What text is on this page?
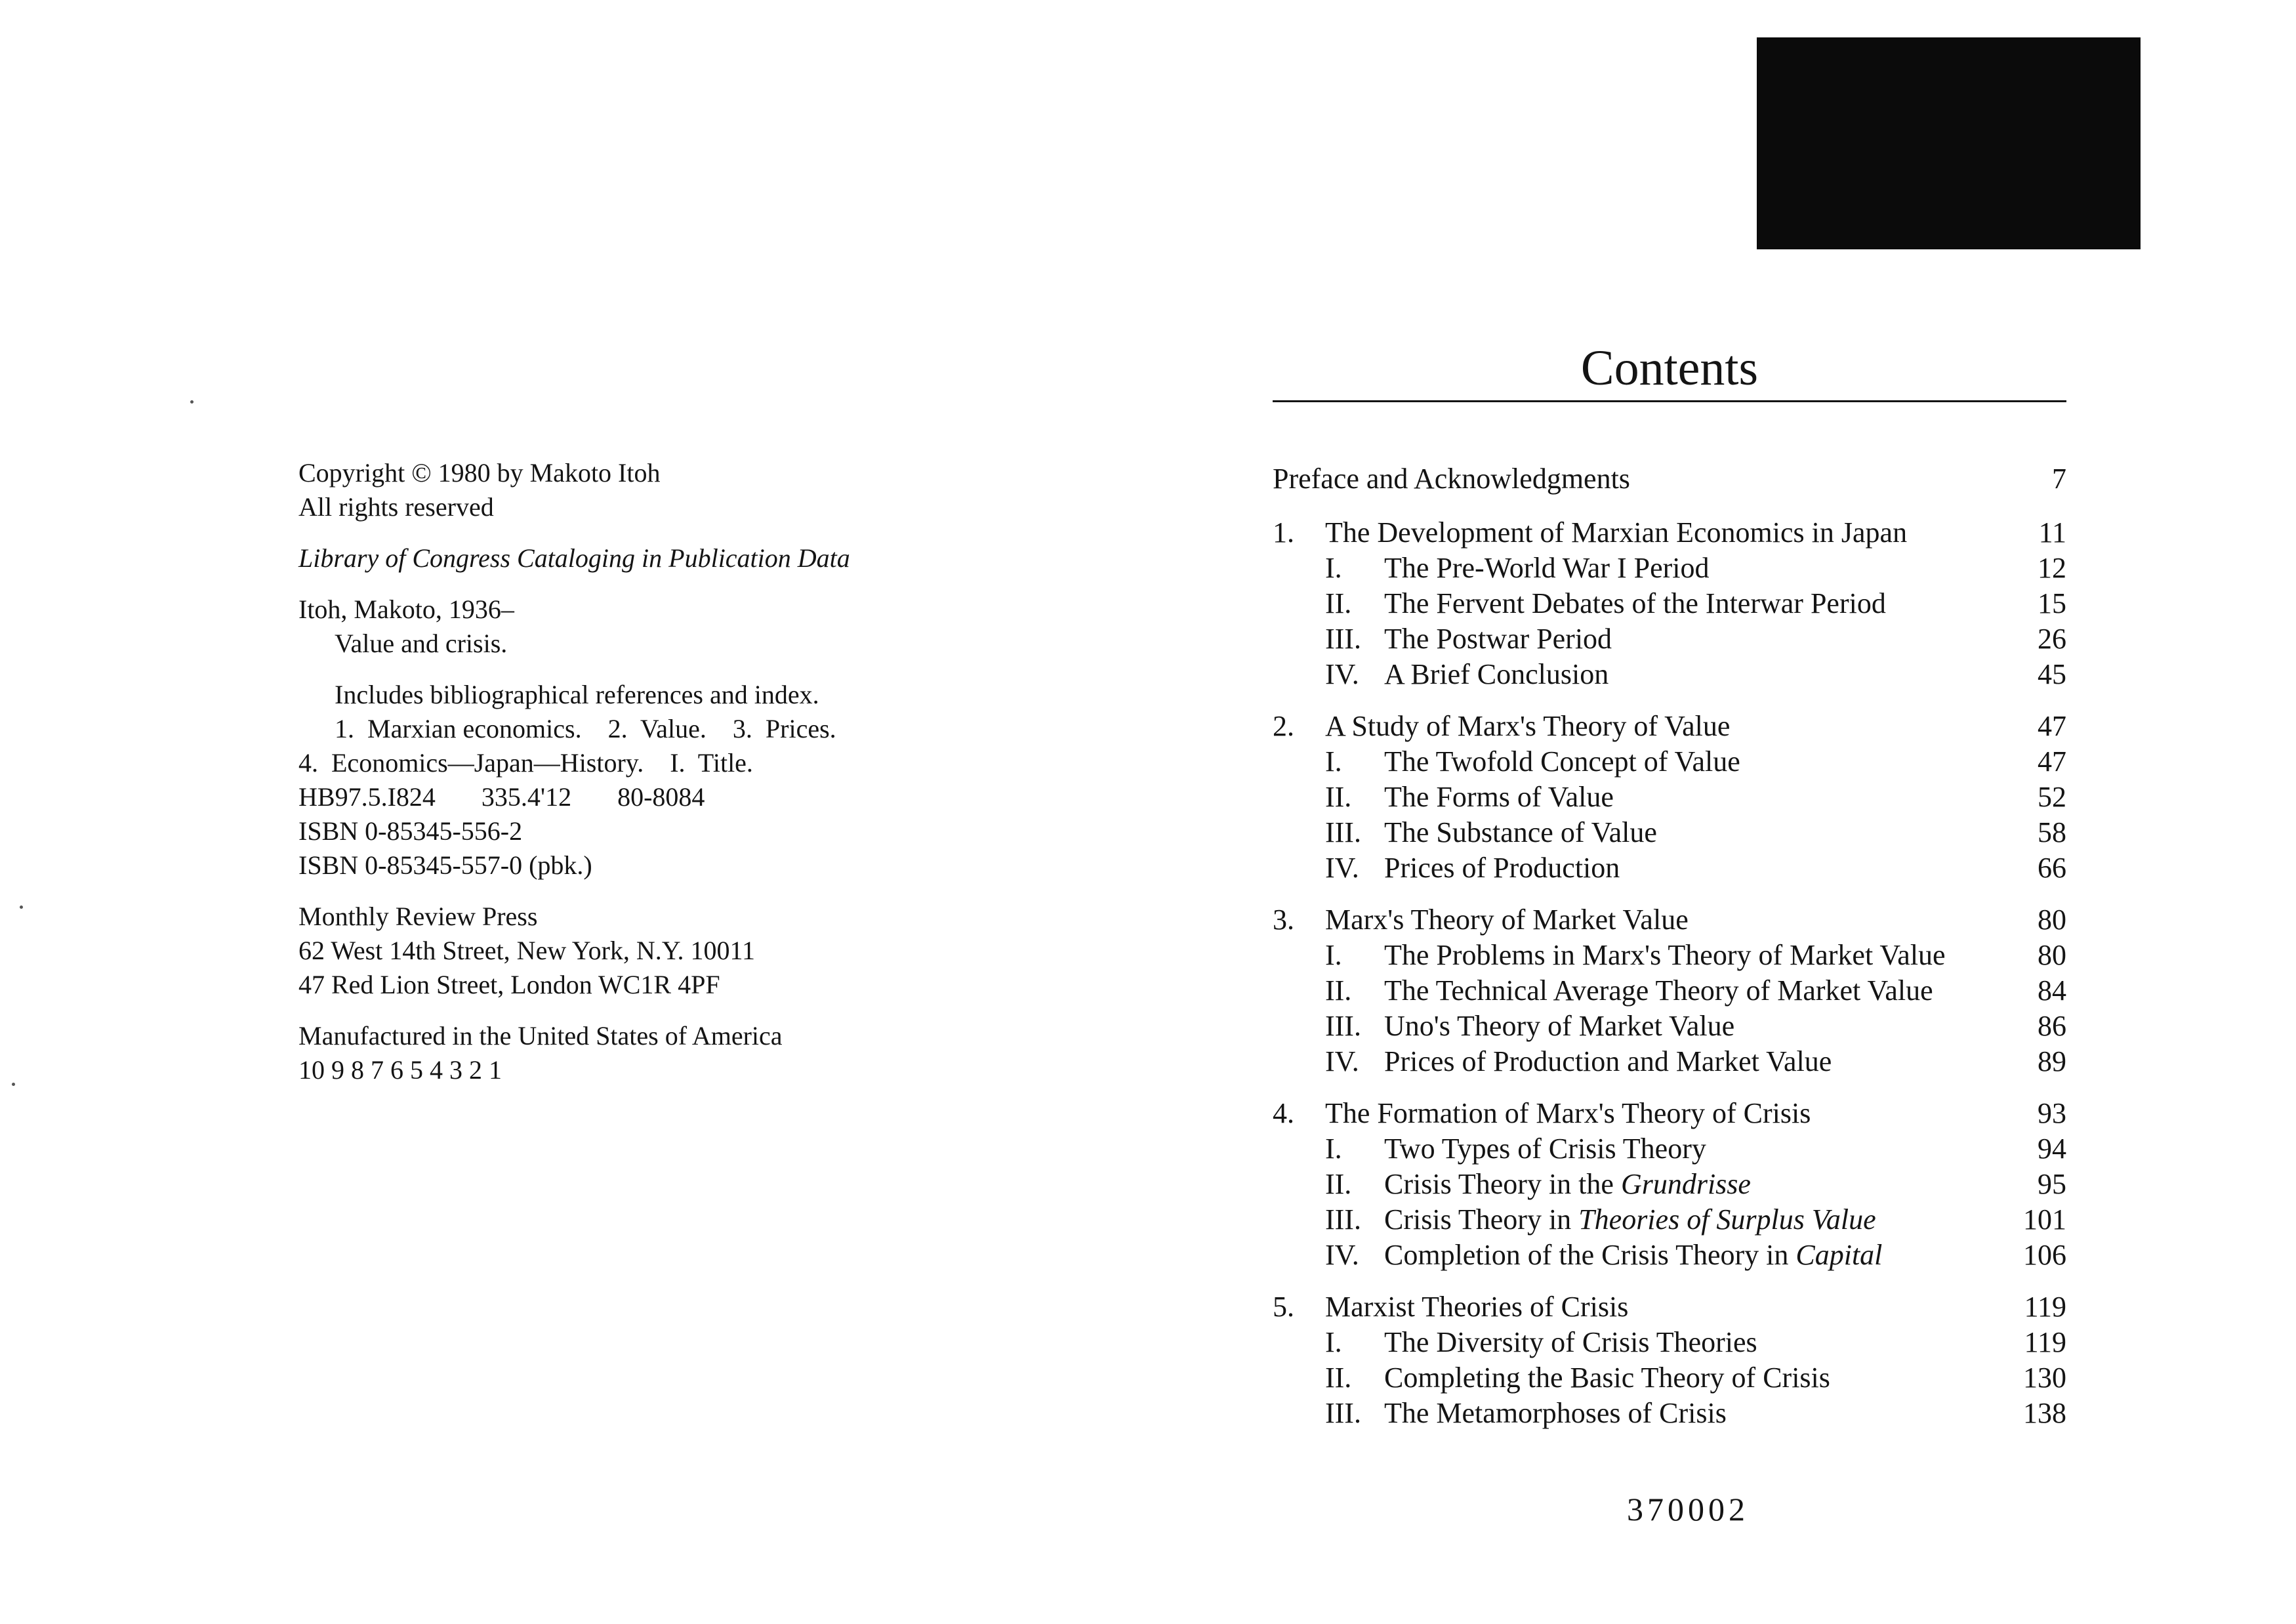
Copyright © 1980 by Makoto Itoh
All rights reserved
Library of Congress Cataloging in Publication Data
Itoh, Makoto, 1936–
Value and crisis.
Includes bibliographical references and index.
1.  Marxian economics.    2.  Value.    3.  Prices.
4.  Economics—Japan—History.    I.  Title.
HB97.5.I824       335.4'12       80-8084
ISBN 0-85345-556-2
ISBN 0-85345-557-0 (pbk.)
Monthly Review Press
62 West 14th Street, New York, N.Y. 10011
47 Red Lion Street, London WC1R 4PF
Manufactured in the United States of America
10 9 8 7 6 5 4 3 2 1
Contents
Preface and Acknowledgments	7
1. The Development of Marxian Economics in Japan	11
I. The Pre-World War I Period	12
II. The Fervent Debates of the Interwar Period	15
III. The Postwar Period	26
IV. A Brief Conclusion	45
2. A Study of Marx's Theory of Value	47
I. The Twofold Concept of Value	47
II. The Forms of Value	52
III. The Substance of Value	58
IV. Prices of Production	66
3. Marx's Theory of Market Value	80
I. The Problems in Marx's Theory of Market Value	80
II. The Technical Average Theory of Market Value	84
III. Uno's Theory of Market Value	86
IV. Prices of Production and Market Value	89
4. The Formation of Marx's Theory of Crisis	93
I. Two Types of Crisis Theory	94
II. Crisis Theory in the Grundrisse	95
III. Crisis Theory in Theories of Surplus Value	101
IV. Completion of the Crisis Theory in Capital	106
5. Marxist Theories of Crisis	119
I. The Diversity of Crisis Theories	119
II. Completing the Basic Theory of Crisis	130
III. The Metamorphoses of Crisis	138
370002
